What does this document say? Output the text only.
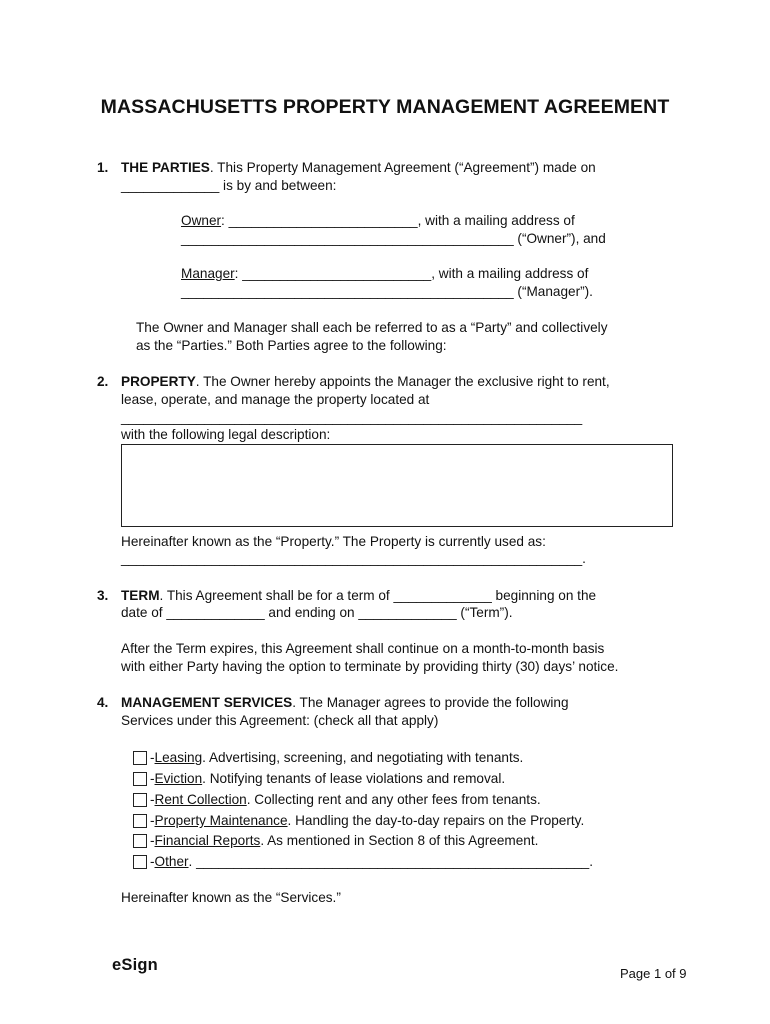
MASSACHUSETTS PROPERTY MANAGEMENT AGREEMENT
1. THE PARTIES. This Property Management Agreement (“Agreement”) made on
_____________ is by and between:
Owner: _________________________, with a mailing address of
____________________________________________ (“Owner”), and
Manager: _________________________, with a mailing address of
____________________________________________ (“Manager”).
The Owner and Manager shall each be referred to as a “Party” and collectively
as the “Parties.” Both Parties agree to the following:
2. PROPERTY. The Owner hereby appoints the Manager the exclusive right to rent,
lease, operate, and manage the property located at
_____________________________________________________________
with the following legal description:
Hereinafter known as the “Property.” The Property is currently used as:
_____________________________________________________________.
3. TERM. This Agreement shall be for a term of _____________ beginning on the
date of _____________ and ending on _____________ (“Term”).
After the Term expires, this Agreement shall continue on a month-to-month basis
with either Party having the option to terminate by providing thirty (30) days’ notice.
4. MANAGEMENT SERVICES. The Manager agrees to provide the following
Services under this Agreement: (check all that apply)
- Leasing . Advertising, screening, and negotiating with tenants.
- Eviction . Notifying tenants of lease violations and removal.
- Rent Collection . Collecting rent and any other fees from tenants.
- Property Maintenance . Handling the day-to-day repairs on the Property.
- Financial Reports . As mentioned in Section 8 of this Agreement.
- Other . ____________________________________________________.
Hereinafter known as the “Services.”
eSign	Page 1 of 9
